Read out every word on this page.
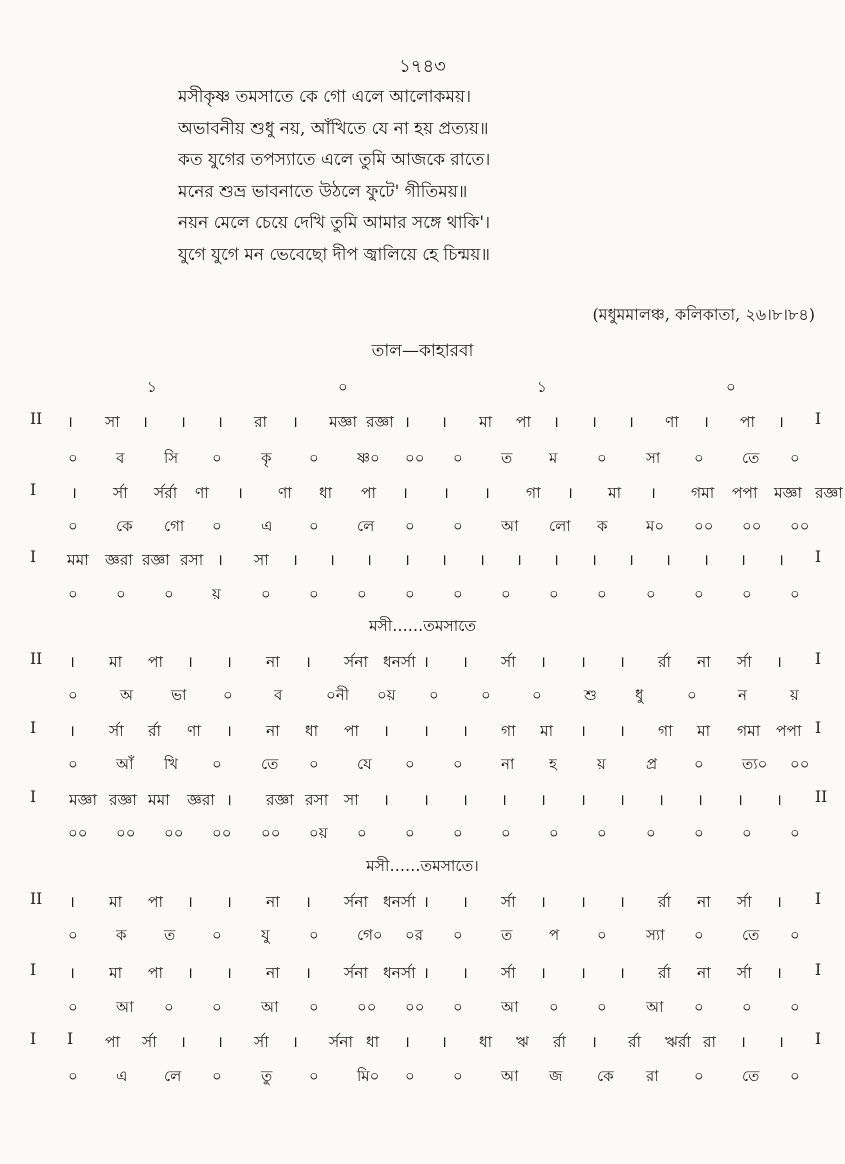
১৭৪৩
মসীকৃষ্ণ তমসাতে কে গো এলে আলোকময়।
অভাবনীয় শুধু নয়, আঁখিতে যে না হয় প্রত্যয়॥
কত যুগের তপস্যাতে এলে তুমি আজকে রাতে।
মনের শুভ্র ভাবনাতে উঠলে ফুটে' গীতিময়॥
নয়ন মেলে চেয়ে দেখি তুমি আমার সঙ্গে থাকি'।
যুগে যুগে মন ভেবেছো দীপ জ্বালিয়ে হে চিন্ময়॥
(মধুমমালঞ্চ, কলিকাতা, ২৬।৮।৮৪)
তাল—কাহারবা
১	০	১	০
II । সা । । । রা । মজ্ঞা রজ্ঞা । । মা পা । । । ণা । পা । I
০	ব	সি ০	কৃ	০	ষ্ণ০ ০০ ০	ত ম	০	সা ০	তে ০
I । র্সা র্সর্রা ণা । ণা ধা পা । । । গা । মা । গমা পপা মজ্ঞা রজ্ঞা
০	কে গো ০	এ ০	লে ০	০	আ লো ক	ম০ ০০ ০০ ০০
I মমা জ্ঞরা রজ্ঞা রসা । সা । । । । । । । । । । । । । । I
০	০	০	য়	০	০	০	০	০	০	০	০	০	০	০	০
মসী……তমসাতে
II । মা পা । । না । র্সনা ধনর্সা । । র্সা । । । র্রা না র্সা । I
০	অ	ভা ০	ব	০নী ০য় ০	০	০	শু	ধু	০	ন	য়
I । র্সা র্রা ণা । না ধা পা । । । গা মা । । গা মা গমা পপা I
০	আঁ খি ০	তে ০	যে ০	০	না হ	য়	প্র ০	ত্য০ ০০
I মজ্ঞা রজ্ঞা মমা জ্ঞরা । রজ্ঞা রসা সা । । । । । । । । । । । II
০০ ০০ ০০ ০০ ০০ ০য় ০	০	০	০	০	০	০	০	০	০
মসী……তমসাতে।
II । মা পা । । না । র্সনা ধনর্সা । । র্সা । । । র্রা না র্সা । I
০	ক	ত ০	যু	০	গে০ ০র ০	ত প	০	স্যা ০	তে ০
I । মা পা । । না । র্সনা ধনর্সা । । র্সা । । । র্রা না র্সা । I
০	আ ০	০	আ ০	০০ ০০ ০	আ ০	০	আ ০	০	০
I I পা র্সা । । র্সা । র্সনা ধা । । ধা ঋ র্রা । র্রা ঋর্রা রা । । I
০	এ লে ০	তু ০	মি০ ০	০	আ জ কে রা ০	তে ০
